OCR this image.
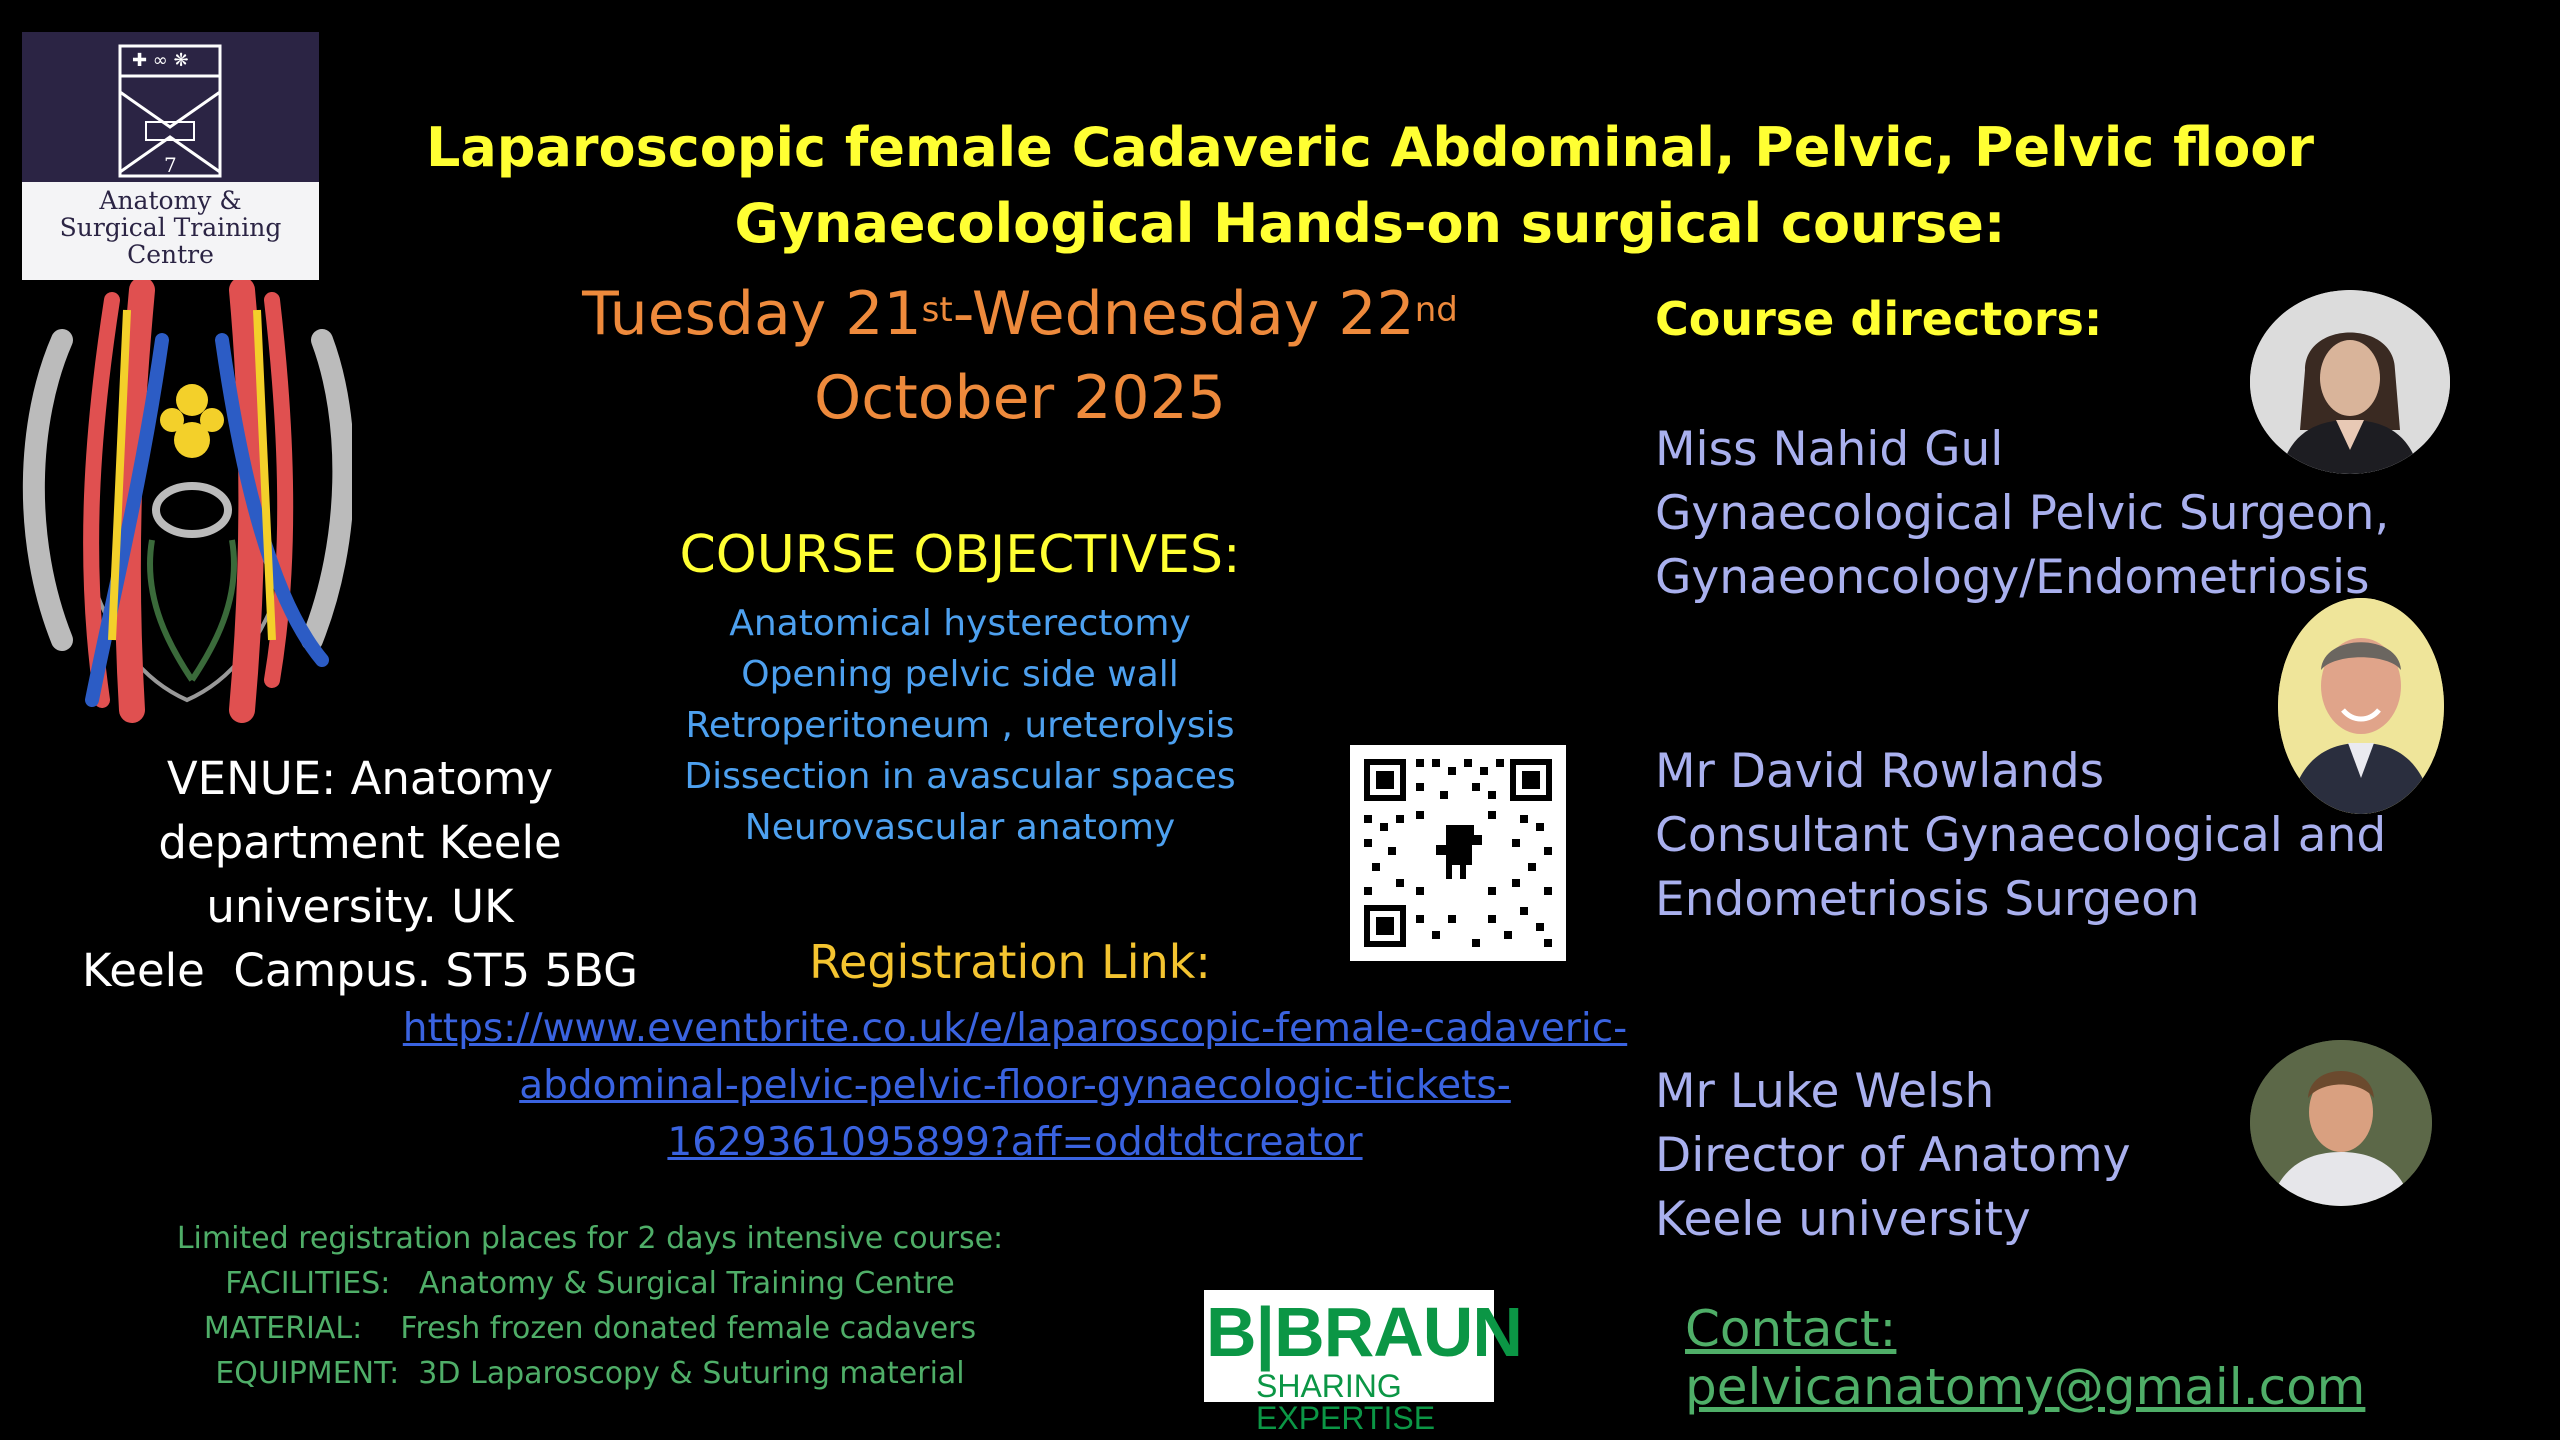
✚ ∞ ❋
7
Anatomy &
Surgical Training
Centre
Laparoscopic female Cadaveric Abdominal, Pelvic, Pelvic floor
Gynaecological Hands-on surgical course:
Tuesday 21st-Wednesday 22nd
October 2025
COURSE OBJECTIVES:
Anatomical hysterectomy
Opening pelvic side wall
Retroperitoneum , ureterolysis
Dissection in avascular spaces
Neurovascular anatomy
VENUE: Anatomy
department Keele
university. UK
Keele  Campus. ST5 5BG	Registration Link:
https://www.eventbrite.co.uk/e/laparoscopic-female-cadaveric-
abdominal-pelvic-pelvic-floor-gynaecologic-tickets-
1629361095899?aff=oddtdtcreator
Limited registration places for 2 days intensive course:
FACILITIES:   Anatomy & Surgical Training Centre
MATERIAL:    Fresh frozen donated female cadavers
EQUIPMENT:  3D Laparoscopy & Suturing material
B|BRAUN
SHARING EXPERTISE
Course directors:
Miss Nahid Gul
Gynaecological Pelvic Surgeon,
Gynaeoncology/Endometriosis
Mr David Rowlands
Consultant Gynaecological and
Endometriosis Surgeon
Mr Luke Welsh
Director of Anatomy
Keele university
Contact: pelvicanatomy@gmail.com
